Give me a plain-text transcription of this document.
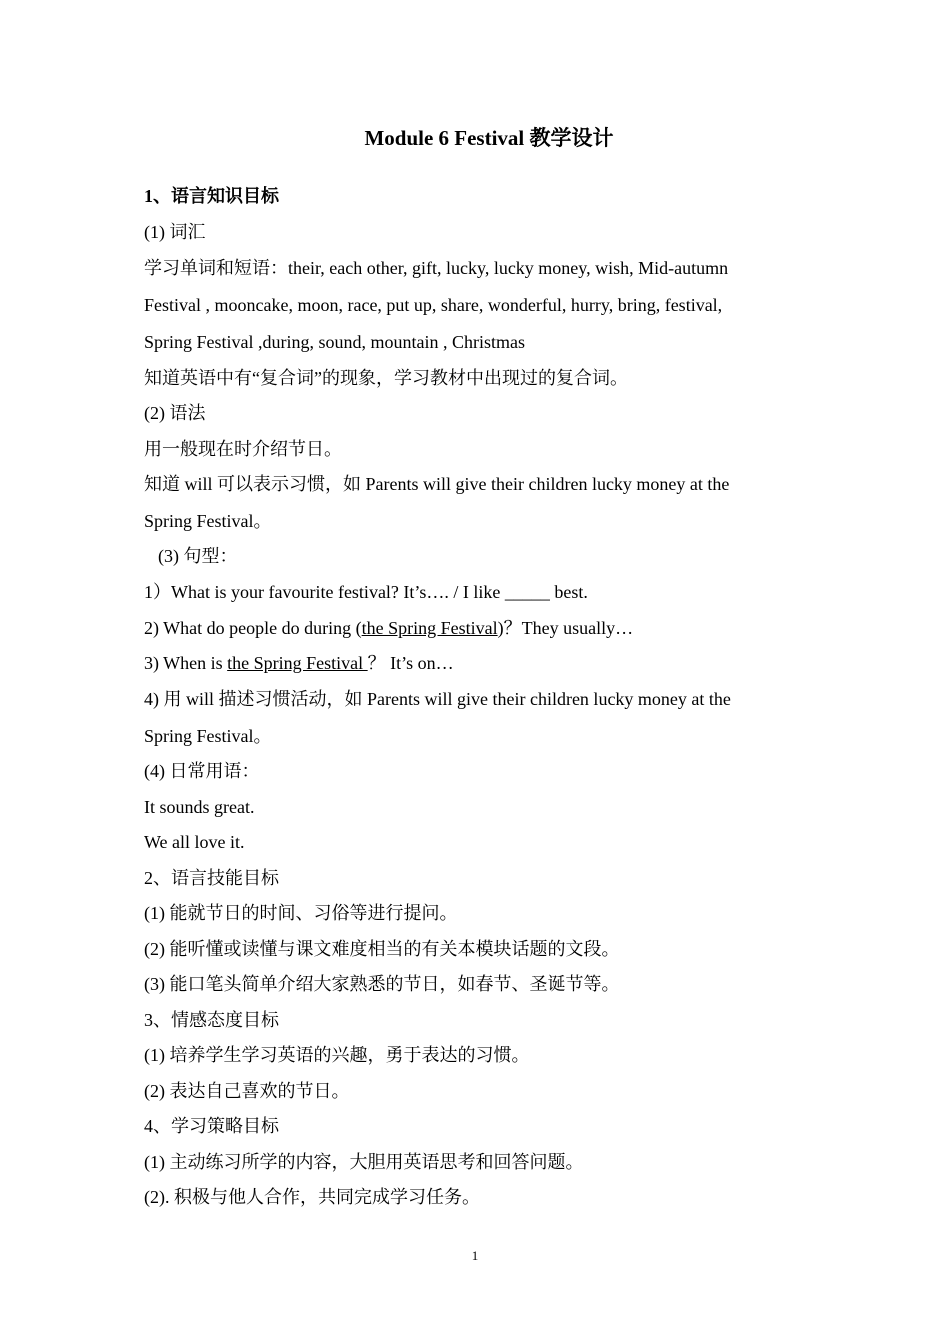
Module 6 Festival 教学设计
1、语言知识目标
(1) 词汇
学习单词和短语：their, each other, gift, lucky, lucky money, wish, Mid-autumn
Festival , mooncake, moon, race, put up, share, wonderful, hurry, bring, festival,
Spring Festival ,during, sound, mountain , Christmas
知道英语中有“复合词”的现象，学习教材中出现过的复合词。
(2) 语法
用一般现在时介绍节日。
知道 will 可以表示习惯，如 Parents will give their children lucky money at the
Spring Festival。
(3) 句型：
1）What is your favourite festival? It’s…. / I like _____ best.
2) What do people do during (the Spring Festival)？They usually…
3) When is the Spring Festival ？ It’s on…
4) 用 will 描述习惯活动，如 Parents will give their children lucky money at the
Spring Festival。
(4) 日常用语：
It sounds great.
We all love it.
2、语言技能目标
(1) 能就节日的时间、习俗等进行提问。
(2) 能听懂或读懂与课文难度相当的有关本模块话题的文段。
(3) 能口笔头简单介绍大家熟悉的节日，如春节、圣诞节等。
3、情感态度目标
(1) 培养学生学习英语的兴趣，勇于表达的习惯。
(2) 表达自己喜欢的节日。
4、学习策略目标
(1) 主动练习所学的内容，大胆用英语思考和回答问题。
(2). 积极与他人合作，共同完成学习任务。
1
